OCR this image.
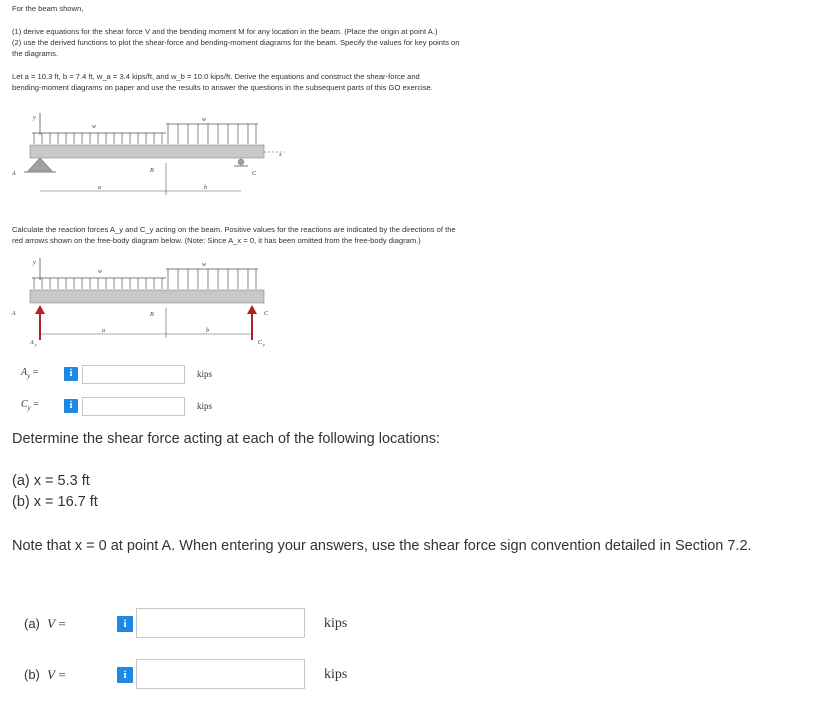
For the beam shown,
(1) derive equations for the shear force V and the bending moment M for any location in the beam. (Place the origin at point A.)
(2) use the derived functions to plot the shear-force and bending-moment diagrams for the beam. Specify the values for key points on
the diagrams.
Let a = 10.3 ft, b = 7.4 ft, w_a = 3.4 kips/ft, and w_b = 10.0 kips/ft. Derive the equations and construct the shear-force and
bending-moment diagrams on paper and use the results to answer the questions in the subsequent parts of this GO exercise.
y
w
w
x
A	C
B
a	b
Calculate the reaction forces A_y and C_y acting on the beam. Positive values for the reactions are indicated by the directions of the
red arrows shown on the free-body diagram below. (Note: Since A_x = 0, it has been omitted from the free-body diagram.)
y
w
w
A	C
B
a	b
A y	C y
$A_y$ =	i	kips
$C_y$ =	i	kips
Determine the shear force acting at each of the following locations:
(a) x = 5.3 ft
(b) x = 16.7 ft
Note that x = 0 at point A. When entering your answers, use the shear force sign convention detailed in Section 7.2.
(a) V =	i	kips
(b) V =	i	kips
